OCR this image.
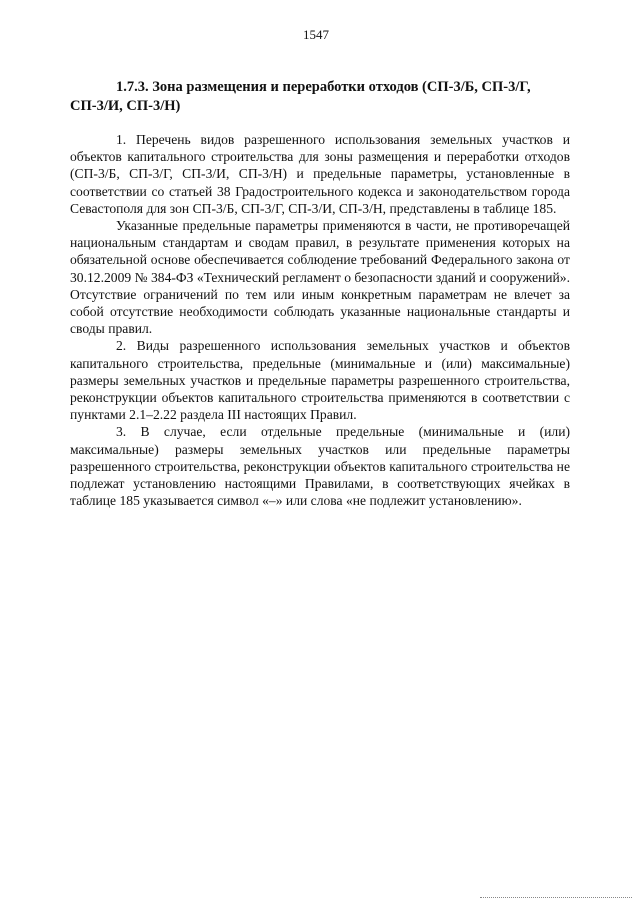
1547
1.7.3. Зона размещения и переработки отходов (СП-3/Б, СП-3/Г, СП-3/И, СП-3/Н)

1. Перечень видов разрешенного использования земельных участков и объектов капитального строительства для зоны размещения и переработки отходов (СП-3/Б, СП-3/Г, СП-3/И, СП-3/Н) и предельные параметры, установленные в соответствии со статьей 38 Градостроительного кодекса и законодательством города Севастополя для зон СП-3/Б, СП-3/Г, СП-3/И, СП-3/Н, представлены в таблице 185.

Указанные предельные параметры применяются в части, не противоречащей национальным стандартам и сводам правил, в результате применения которых на обязательной основе обеспечивается соблюдение требований Федерального закона от 30.12.2009 № 384-ФЗ «Технический регламент о безопасности зданий и сооружений». Отсутствие ограничений по тем или иным конкретным параметрам не влечет за собой отсутствие необходимости соблюдать указанные национальные стандарты и своды правил.

2. Виды разрешенного использования земельных участков и объектов капитального строительства, предельные (минимальные и (или) максимальные) размеры земельных участков и предельные параметры разрешенного строительства, реконструкции объектов капитального строительства применяются в соответствии с пунктами 2.1–2.22 раздела III настоящих Правил.

3. В случае, если отдельные предельные (минимальные и (или) максимальные) размеры земельных участков или предельные параметры разрешенного строительства, реконструкции объектов капитального строительства не подлежат установлению настоящими Правилами, в соответствующих ячейках в таблице 185 указывается символ «–» или слова «не подлежит установлению».
